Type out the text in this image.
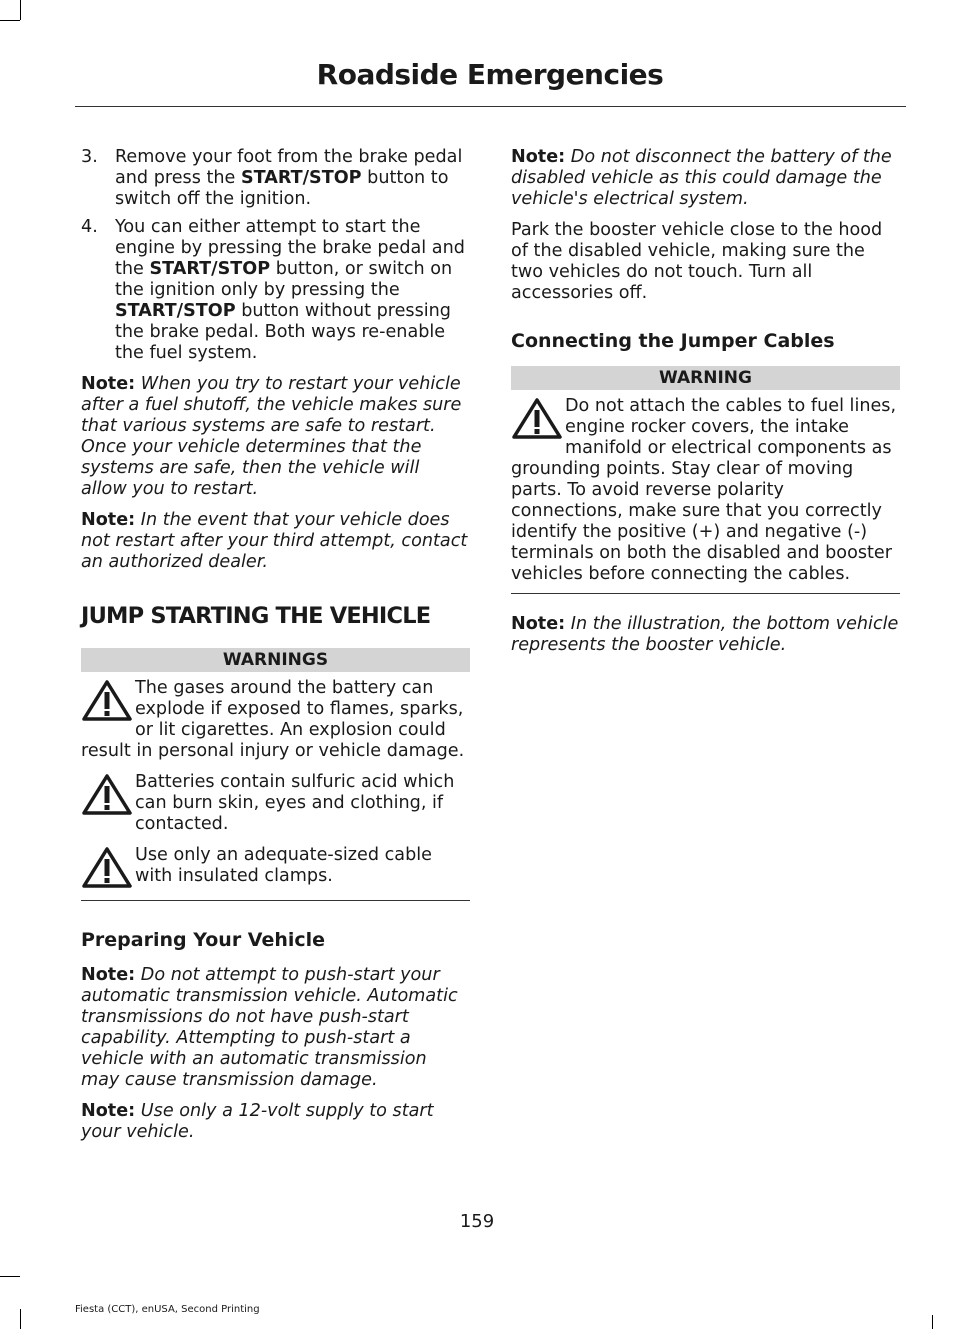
Roadside Emergencies
3. Remove your foot from the brake pedal and press the START/STOP button to switch off the ignition.
4. You can either attempt to start the engine by pressing the brake pedal and the START/STOP button, or switch on the ignition only by pressing the START/STOP button without pressing the brake pedal. Both ways re-enable the fuel system.

Note: When you try to restart your vehicle after a fuel shutoff, the vehicle makes sure that various systems are safe to restart. Once your vehicle determines that the systems are safe, then the vehicle will allow you to restart.

Note: In the event that your vehicle does not restart after your third attempt, contact an authorized dealer.

JUMP STARTING THE VEHICLE
WARNINGS
The gases around the battery can explode if exposed to flames, sparks, or lit cigarettes. An explosion could result in personal injury or vehicle damage.
Batteries contain sulfuric acid which can burn skin, eyes and clothing, if contacted.
Use only an adequate-sized cable with insulated clamps.
Preparing Your Vehicle

Note: Do not attempt to push-start your automatic transmission vehicle. Automatic transmissions do not have push-start capability. Attempting to push-start a vehicle with an automatic transmission may cause transmission damage.

Note: Use only a 12-volt supply to start your vehicle.

Note: Do not disconnect the battery of the disabled vehicle as this could damage the vehicle's electrical system.

Park the booster vehicle close to the hood of the disabled vehicle, making sure the two vehicles do not touch. Turn all accessories off.

Connecting the Jumper Cables
WARNING
Do not attach the cables to fuel lines, engine rocker covers, the intake manifold or electrical components as grounding points. Stay clear of moving parts. To avoid reverse polarity connections, make sure that you correctly identify the positive (+) and negative (-) terminals on both the disabled and booster vehicles before connecting the cables.

Note: In the illustration, the bottom vehicle represents the booster vehicle.

159
Fiesta (CCT), enUSA, Second Printing
